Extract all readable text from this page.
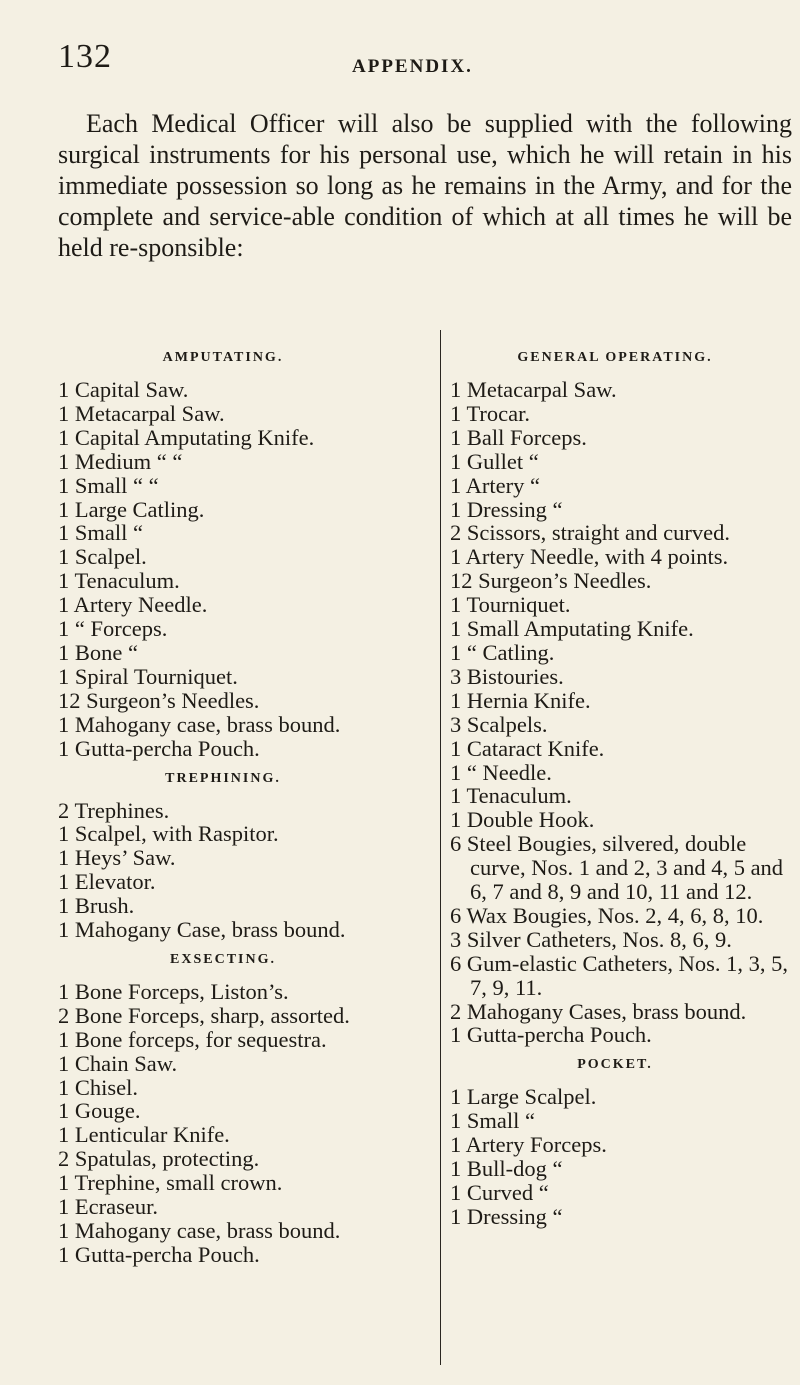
132	APPENDIX.

Each Medical Officer will also be supplied with the following surgical instruments for his personal use, which he will retain in his immediate possession so long as he remains in the Army, and for the complete and service-able condition of which at all times he will be held re-sponsible:

AMPUTATING.
1 Capital Saw.
1 Metacarpal Saw.
1 Capital Amputating Knife.
1 Medium “ “
1 Small “ “
1 Large Catling.
1 Small “
1 Scalpel.
1 Tenaculum.
1 Artery Needle.
1 “ Forceps.
1 Bone “
1 Spiral Tourniquet.
12 Surgeon’s Needles.
1 Mahogany case, brass bound.
1 Gutta-percha Pouch.
TREPHINING.
2 Trephines.
1 Scalpel, with Raspitor.
1 Heys’ Saw.
1 Elevator.
1 Brush.
1 Mahogany Case, brass bound.
EXSECTING.
1 Bone Forceps, Liston’s.
2 Bone Forceps, sharp, assorted.
1 Bone forceps, for sequestra.
1 Chain Saw.
1 Chisel.
1 Gouge.
1 Lenticular Knife.
2 Spatulas, protecting.
1 Trephine, small crown.
1 Ecraseur.
1 Mahogany case, brass bound.
1 Gutta-percha Pouch.
GENERAL OPERATING.
1 Metacarpal Saw.
1 Trocar.
1 Ball Forceps.
1 Gullet “
1 Artery “
1 Dressing “
2 Scissors, straight and curved.
1 Artery Needle, with 4 points.
12 Surgeon’s Needles.
1 Tourniquet.
1 Small Amputating Knife.
1 “ Catling.
3 Bistouries.
1 Hernia Knife.
3 Scalpels.
1 Cataract Knife.
1 “ Needle.
1 Tenaculum.
1 Double Hook.
6 Steel Bougies, silvered, double curve, Nos. 1 and 2, 3 and 4, 5 and 6, 7 and 8, 9 and 10, 11 and 12.
6 Wax Bougies, Nos. 2, 4, 6, 8, 10.
3 Silver Catheters, Nos. 8, 6, 9.
6 Gum-elastic Catheters, Nos. 1, 3, 5, 7, 9, 11.
2 Mahogany Cases, brass bound.
1 Gutta-percha Pouch.
POCKET.
1 Large Scalpel.
1 Small “
1 Artery Forceps.
1 Bull-dog “
1 Curved “
1 Dressing “
